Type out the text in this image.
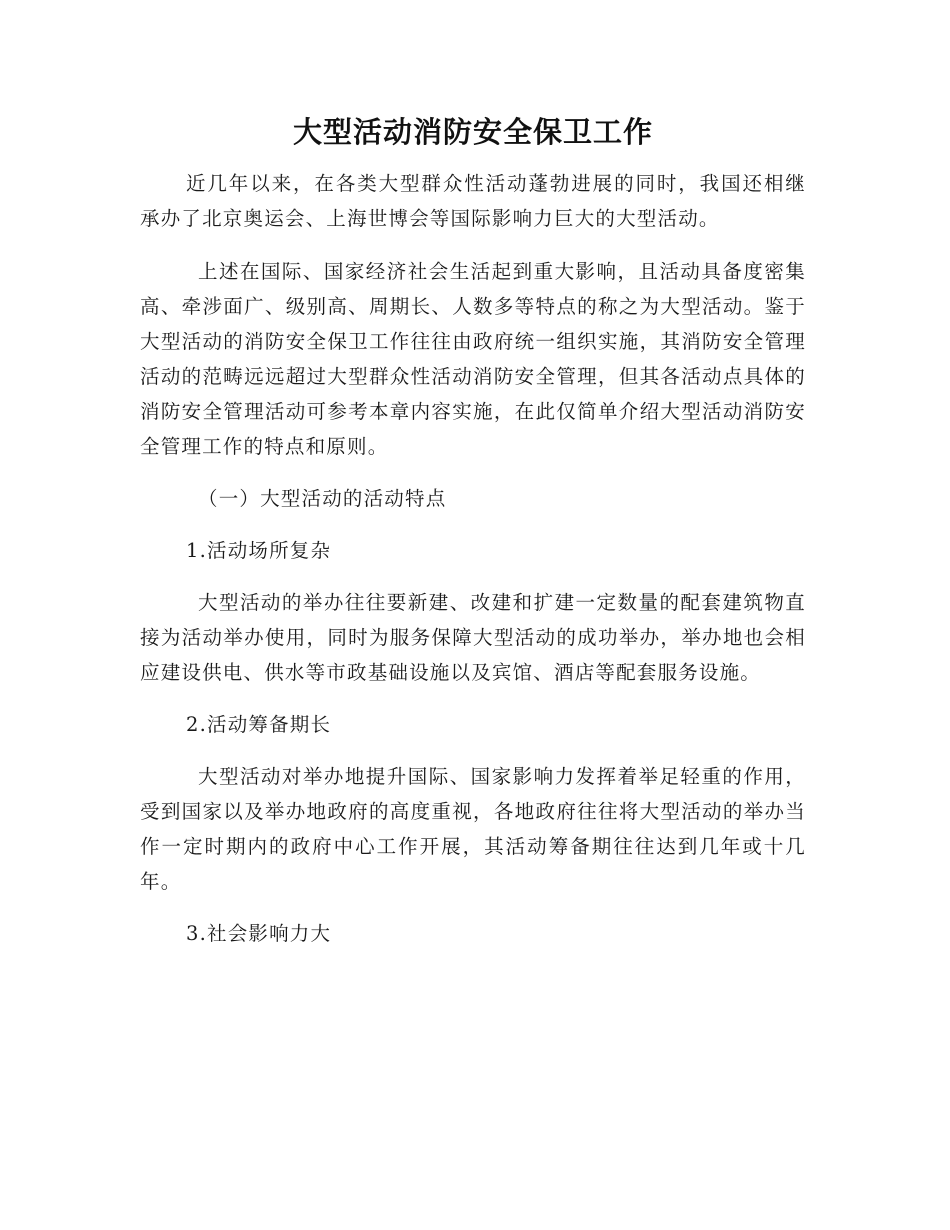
大型活动消防安全保卫工作

近几年以来，在各类大型群众性活动蓬勃进展的同时，我国还相继承办了北京奥运会、上海世博会等国际影响力巨大的大型活动。

上述在国际、国家经济社会生活起到重大影响，且活动具备度密集高、牵涉面广、级别高、周期长、人数多等特点的称之为大型活动。鉴于大型活动的消防安全保卫工作往往由政府统一组织实施，其消防安全管理活动的范畴远远超过大型群众性活动消防安全管理，但其各活动点具体的消防安全管理活动可参考本章内容实施，在此仅简单介绍大型活动消防安全管理工作的特点和原则。

（一）大型活动的活动特点

1.活动场所复杂

大型活动的举办往往要新建、改建和扩建一定数量的配套建筑物直接为活动举办使用，同时为服务保障大型活动的成功举办，举办地也会相应建设供电、供水等市政基础设施以及宾馆、酒店等配套服务设施。

2.活动筹备期长

大型活动对举办地提升国际、国家影响力发挥着举足轻重的作用，受到国家以及举办地政府的高度重视，各地政府往往将大型活动的举办当作一定时期内的政府中心工作开展，其活动筹备期往往达到几年或十几年。

3.社会影响力大
